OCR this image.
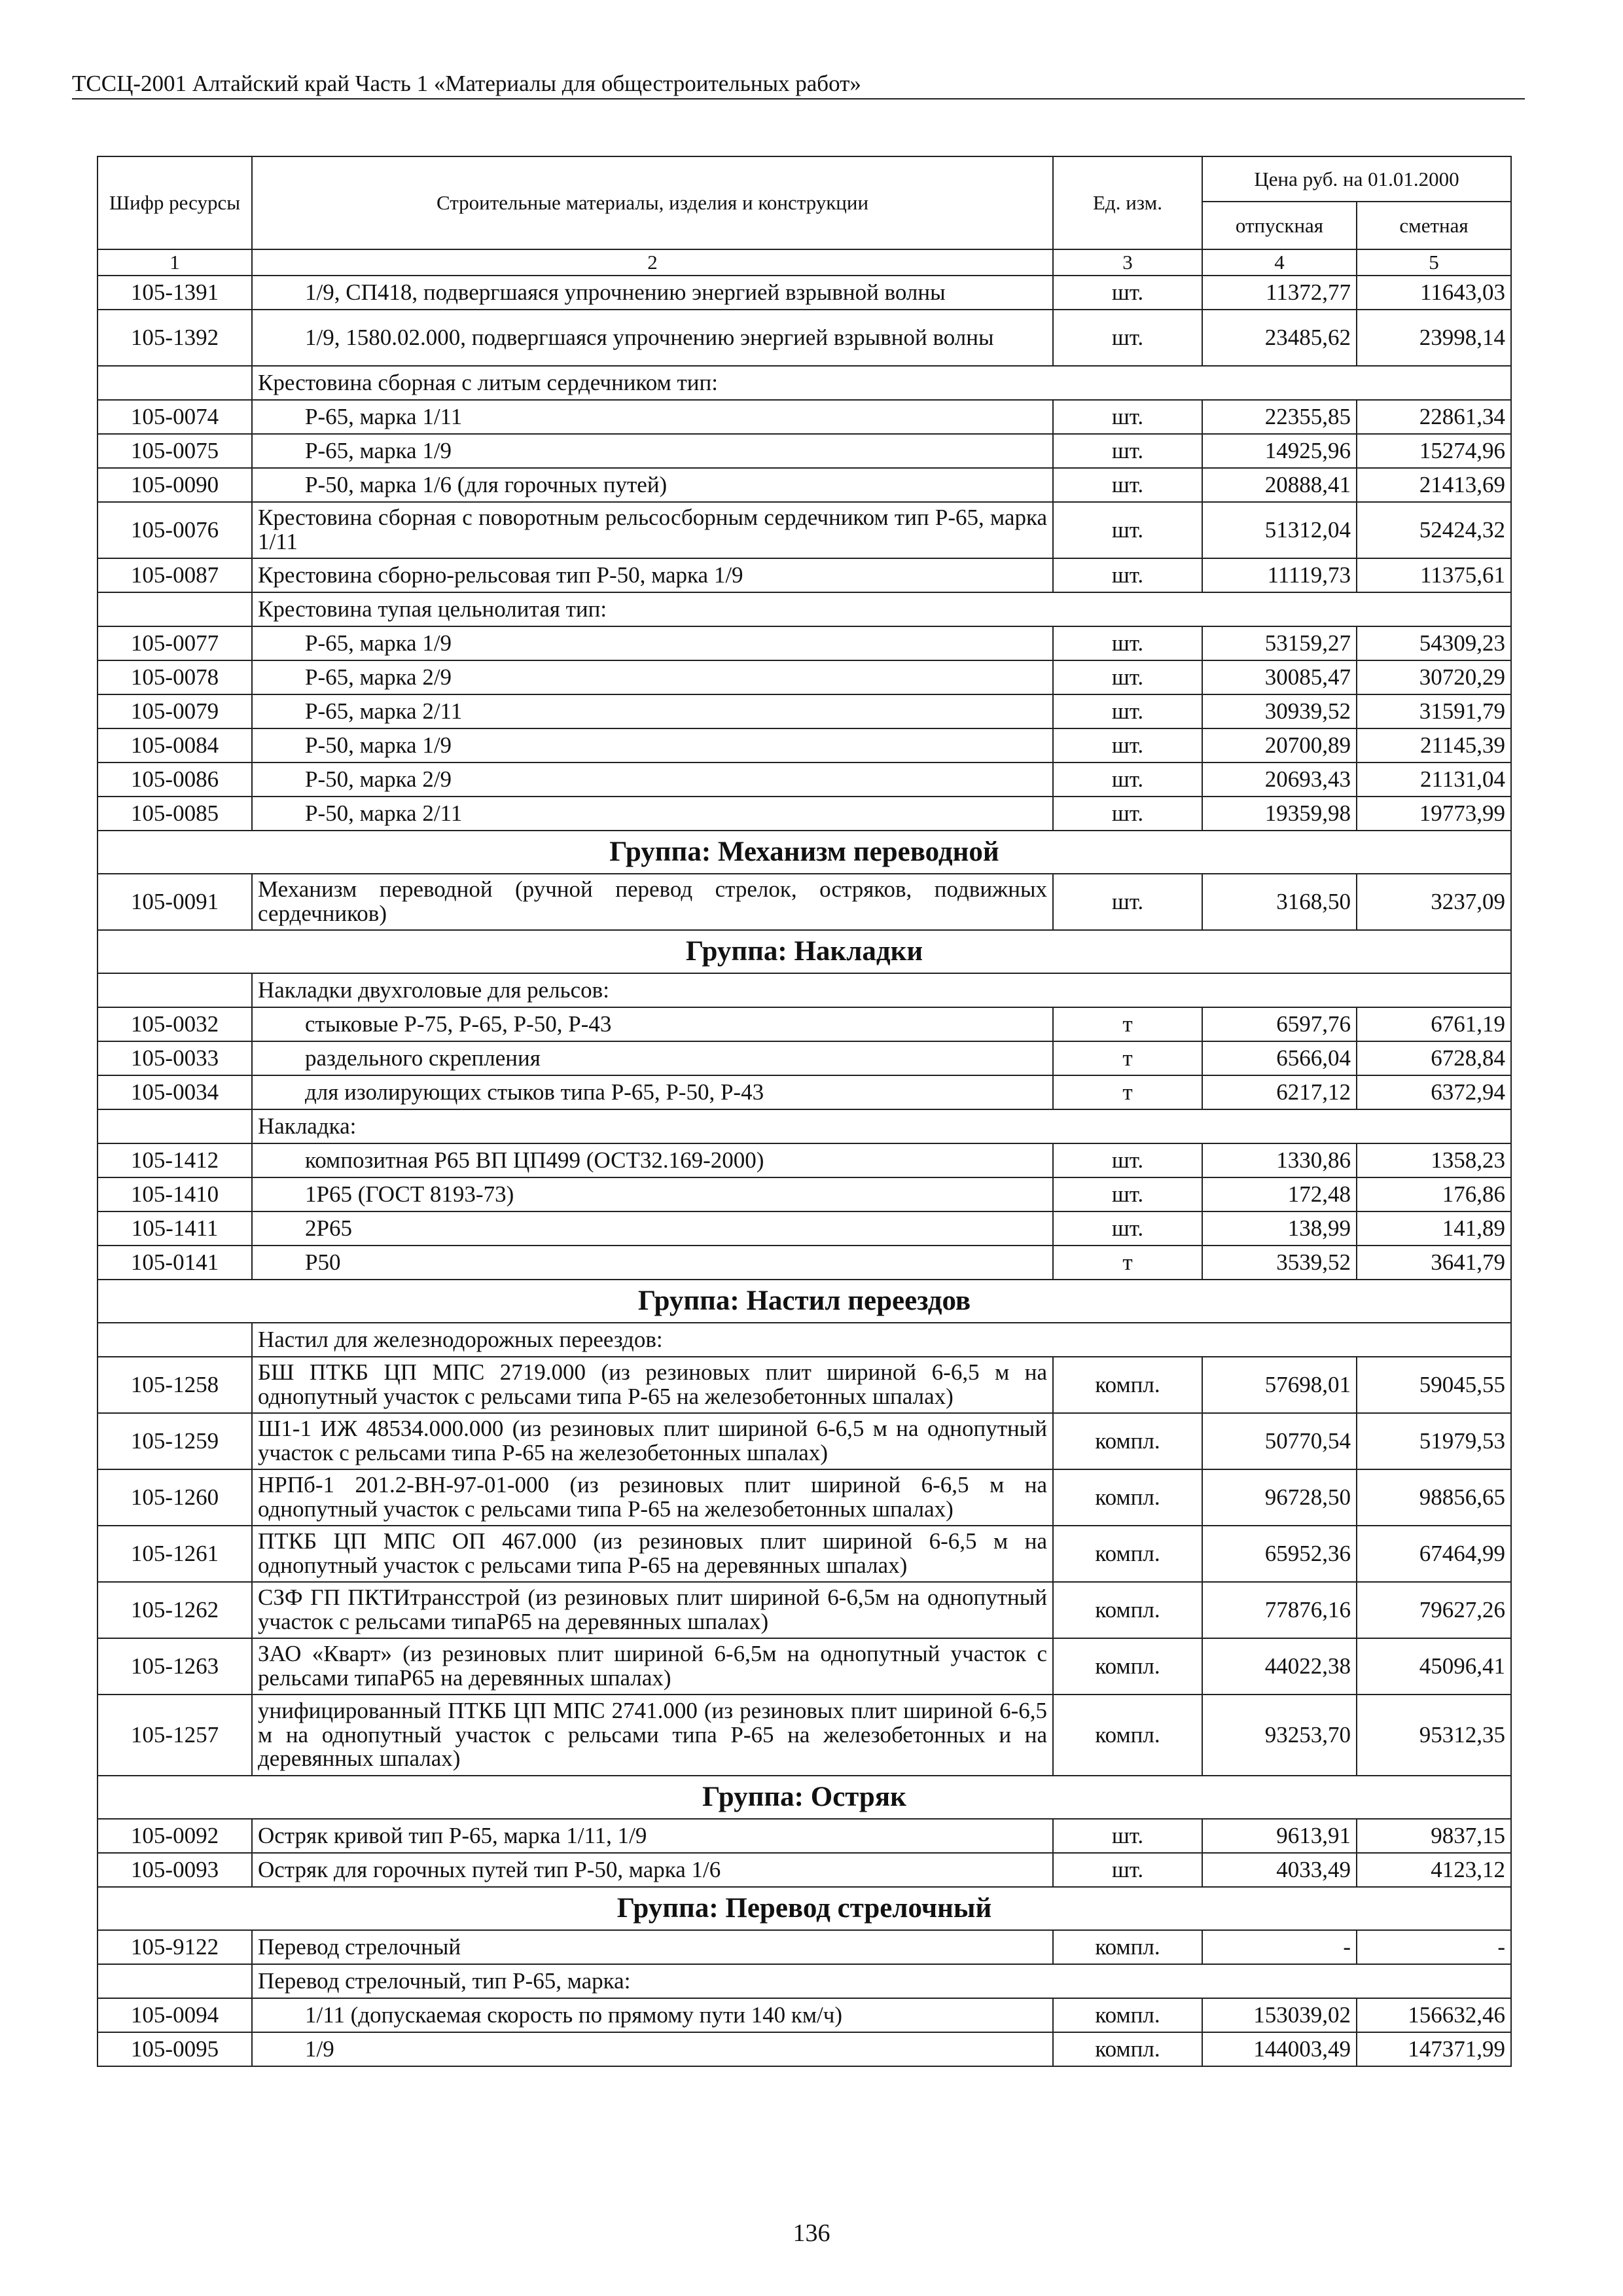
ТССЦ-2001 Алтайский край Часть 1 «Материалы для общестроительных работ»
Шифр ресурсы	Строительные материалы, изделия и конструкции	Ед. изм.	Цена руб. на 01.01.2000	
			отпускная	сметная
1	2	3	4	5
105-1391	1/9, СП418, подвергшаяся упрочнению энергией взрывной волны	шт.	11372,77	11643,03
105-1392	1/9, 1580.02.000, подвергшаяся упрочнению энергией взрывной волны	шт.	23485,62	23998,14
	Крестовина сборная с литым сердечником тип:			
105-0074	Р-65, марка 1/11	шт.	22355,85	22861,34
105-0075	Р-65, марка 1/9	шт.	14925,96	15274,96
105-0090	Р-50, марка 1/6 (для горочных путей)	шт.	20888,41	21413,69
105-0076	Крестовина сборная с поворотным рельсосборным сердечником тип Р-65, марка 1/11	шт.	51312,04	52424,32
105-0087	Крестовина сборно-рельсовая тип Р-50, марка 1/9	шт.	11119,73	11375,61
	Крестовина тупая цельнолитая тип:			
105-0077	Р-65, марка 1/9	шт.	53159,27	54309,23
105-0078	Р-65, марка 2/9	шт.	30085,47	30720,29
105-0079	Р-65, марка 2/11	шт.	30939,52	31591,79
105-0084	Р-50, марка 1/9	шт.	20700,89	21145,39
105-0086	Р-50, марка 2/9	шт.	20693,43	21131,04
105-0085	Р-50, марка 2/11	шт.	19359,98	19773,99
Группа: Механизм переводной				
105-0091	Механизм переводной (ручной перевод стрелок, остряков, подвижных сердечников)	шт.	3168,50	3237,09
Группа: Накладки				
	Накладки двухголовые для рельсов:			
105-0032	стыковые Р-75, Р-65, Р-50, Р-43	т	6597,76	6761,19
105-0033	раздельного скрепления	т	6566,04	6728,84
105-0034	для изолирующих стыков типа Р-65, Р-50, Р-43	т	6217,12	6372,94
	Накладка:			
105-1412	композитная Р65 ВП ЦП499 (ОСТ32.169-2000)	шт.	1330,86	1358,23
105-1410	1Р65 (ГОСТ 8193-73)	шт.	172,48	176,86
105-1411	2Р65	шт.	138,99	141,89
105-0141	Р50	т	3539,52	3641,79
Группа: Настил переездов				
	Настил для железнодорожных переездов:			
105-1258	БШ ПТКБ ЦП МПС 2719.000 (из резиновых плит шириной 6-6,5 м на однопутный участок с рельсами типа Р-65 на железобетонных шпалах)	компл.	57698,01	59045,55
105-1259	Ш1-1 ИЖ 48534.000.000 (из резиновых плит шириной 6-6,5 м на однопутный участок с рельсами типа Р-65 на железобетонных шпалах)	компл.	50770,54	51979,53
105-1260	НРПб-1 201.2-ВН-97-01-000 (из резиновых плит шириной 6-6,5 м на однопутный участок с рельсами типа Р-65 на железобетонных шпалах)	компл.	96728,50	98856,65
105-1261	ПТКБ ЦП МПС ОП 467.000 (из резиновых плит шириной 6-6,5 м на однопутный участок с рельсами типа Р-65 на деревянных шпалах)	компл.	65952,36	67464,99
105-1262	СЗФ ГП ПКТИтрансстрой (из резиновых плит шириной 6-6,5м на однопутный участок с рельсами типаР65 на деревянных шпалах)	компл.	77876,16	79627,26
105-1263	ЗАО «Кварт» (из резиновых плит шириной 6-6,5м на однопутный участок с рельсами типаР65 на деревянных шпалах)	компл.	44022,38	45096,41
105-1257	унифицированный ПТКБ ЦП МПС 2741.000 (из резиновых плит шириной 6-6,5 м на однопутный участок с рельсами типа Р-65 на железобетонных и на деревянных шпалах)	компл.	93253,70	95312,35
Группа: Остряк				
105-0092	Остряк кривой тип Р-65, марка 1/11, 1/9	шт.	9613,91	9837,15
105-0093	Остряк для горочных путей тип Р-50, марка 1/6	шт.	4033,49	4123,12
Группа: Перевод стрелочный				
105-9122	Перевод стрелочный	компл.	-	-
	Перевод стрелочный, тип Р-65, марка:			
105-0094	1/11 (допускаемая скорость по прямому пути 140 км/ч)	компл.	153039,02	156632,46
105-0095	1/9	компл.	144003,49	147371,99
136
